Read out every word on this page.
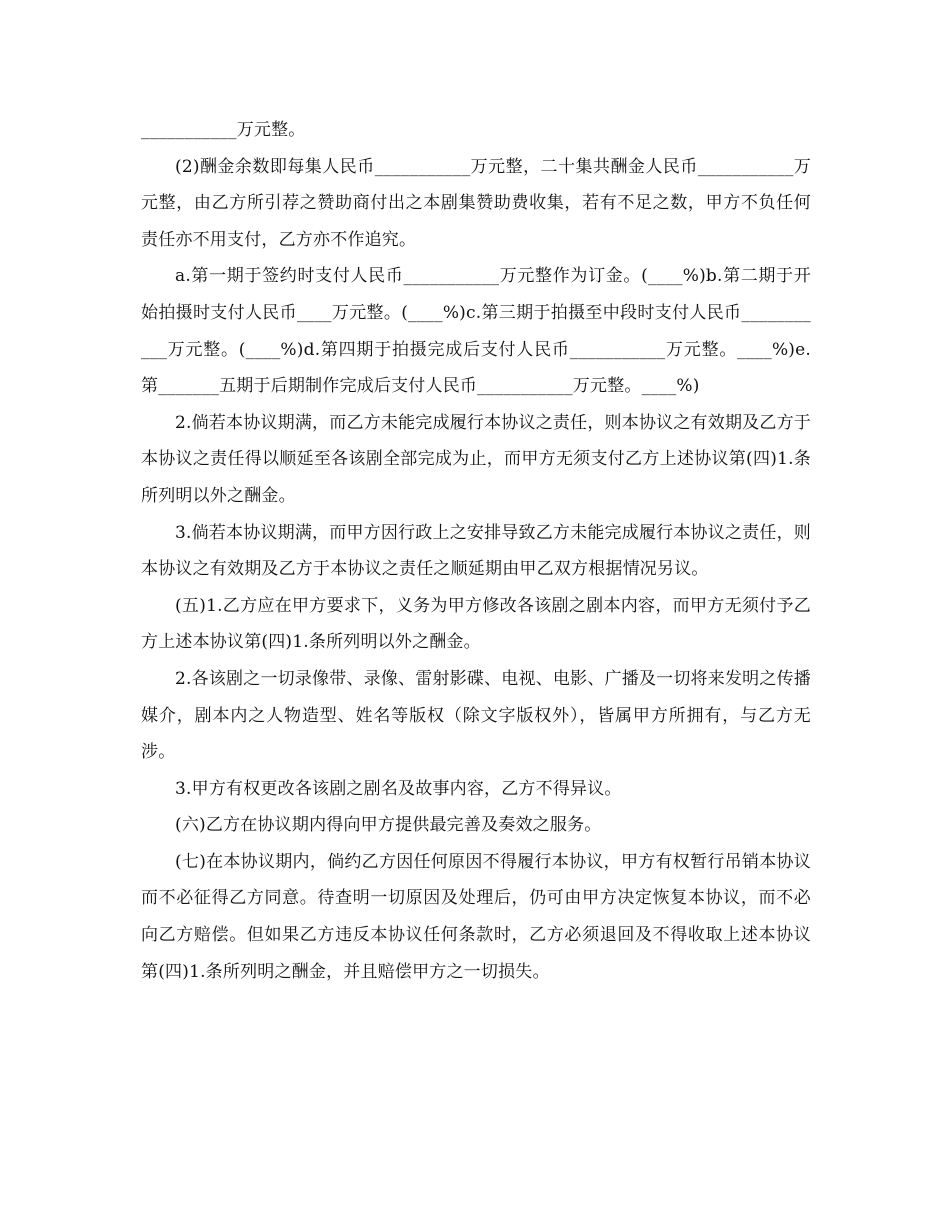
___________万元整。

(2)酬金余数即每集人民币___________万元整，二十集共酬金人民币___________万元整，由乙方所引荐之赞助商付出之本剧集赞助费收集，若有不足之数，甲方不负任何责任亦不用支付，乙方亦不作追究。

a.第一期于签约时支付人民币___________万元整作为订金。(____%)b.第二期于开始拍摄时支付人民币____万元整。(____%)c.第三期于拍摄至中段时支付人民币___________万元整。(____%)d.第四期于拍摄完成后支付人民币___________万元整。____%)e.第_______五期于后期制作完成后支付人民币___________万元整。____%)

2.倘若本协议期满，而乙方未能完成履行本协议之责任，则本协议之有效期及乙方于本协议之责任得以顺延至各该剧全部完成为止，而甲方无须支付乙方上述协议第(四)1.条所列明以外之酬金。

3.倘若本协议期满，而甲方因行政上之安排导致乙方未能完成履行本协议之责任，则本协议之有效期及乙方于本协议之责任之顺延期由甲乙双方根据情况另议。

(五)1.乙方应在甲方要求下，义务为甲方修改各该剧之剧本内容，而甲方无须付予乙方上述本协议第(四)1.条所列明以外之酬金。

2.各该剧之一切录像带、录像、雷射影碟、电视、电影、广播及一切将来发明之传播媒介，剧本内之人物造型、姓名等版权（除文字版权外），皆属甲方所拥有，与乙方无涉。

3.甲方有权更改各该剧之剧名及故事内容，乙方不得异议。

(六)乙方在协议期内得向甲方提供最完善及奏效之服务。

(七)在本协议期内，倘约乙方因任何原因不得履行本协议，甲方有权暂行吊销本协议而不必征得乙方同意。待查明一切原因及处理后，仍可由甲方决定恢复本协议，而不必向乙方赔偿。但如果乙方违反本协议任何条款时，乙方必须退回及不得收取上述本协议第(四)1.条所列明之酬金，并且赔偿甲方之一切损失。
